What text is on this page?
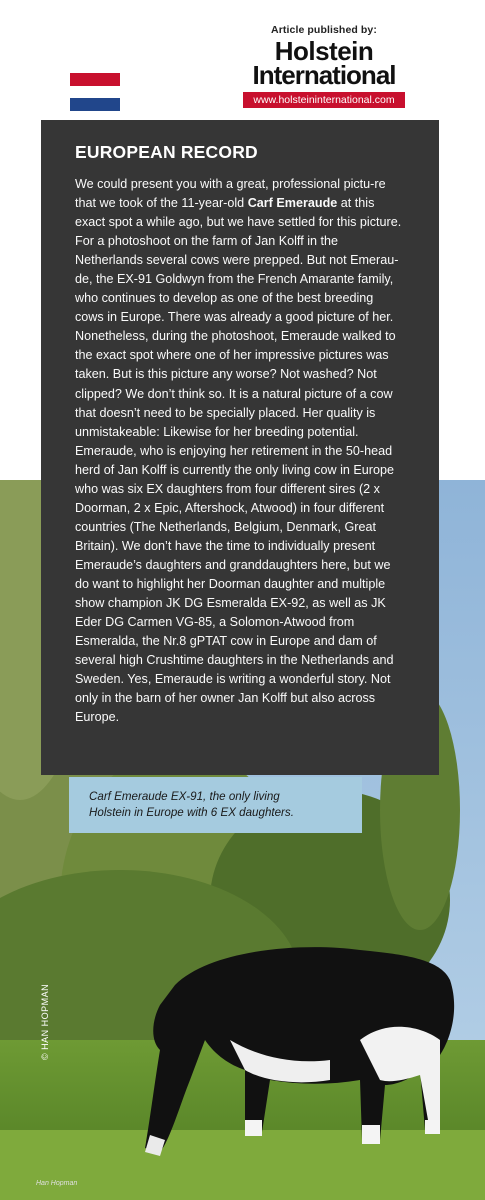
Article published by:
Holstein
International
www.holsteininternational.com
EUROPEAN RECORD

We could present you with a great, professional pictu-re that we took of the 11-year-old Carf Emeraude at this exact spot a while ago, but we have settled for this picture. For a photoshoot on the farm of Jan Kolff in the Netherlands several cows were prepped. But not Emerau-de, the EX-91 Goldwyn from the French Amarante family, who continues to develop as one of the best breeding cows in Europe. There was already a good picture of her. Nonetheless, during the photoshoot, Emeraude walked to the exact spot where one of her impressive pictures was taken. But is this picture any worse? Not washed? Not clipped? We don’t think so. It is a natural picture of a cow that doesn’t need to be specially placed. Her quality is unmistakeable: Likewise for her breeding potential. Emeraude, who is enjoying her retirement in the 50-head herd of Jan Kolff is currently the only living cow in Europe who was six EX daughters from four different sires (2 x Doorman, 2 x Epic, Aftershock, Atwood) in four different countries (The Netherlands, Belgium, Denmark, Great Britain). We don’t have the time to individually present Emeraude’s daughters and granddaughters here, but we do want to highlight her Doorman daughter and multiple show champion JK DG Esmeralda EX-92, as well as JK Eder DG Carmen VG-85, a Solomon-Atwood from Esmeralda, the Nr.8 gPTAT cow in Europe and dam of several high Crushtime daughters in the Netherlands and Sweden. Yes, Emeraude is writing a wonderful story. Not only in the barn of her owner Jan Kolff but also across Europe.

Carf Emeraude EX-91, the only living
Holstein in Europe with 6 EX daughters.
© HAN HOPMAN
Han Hopman
